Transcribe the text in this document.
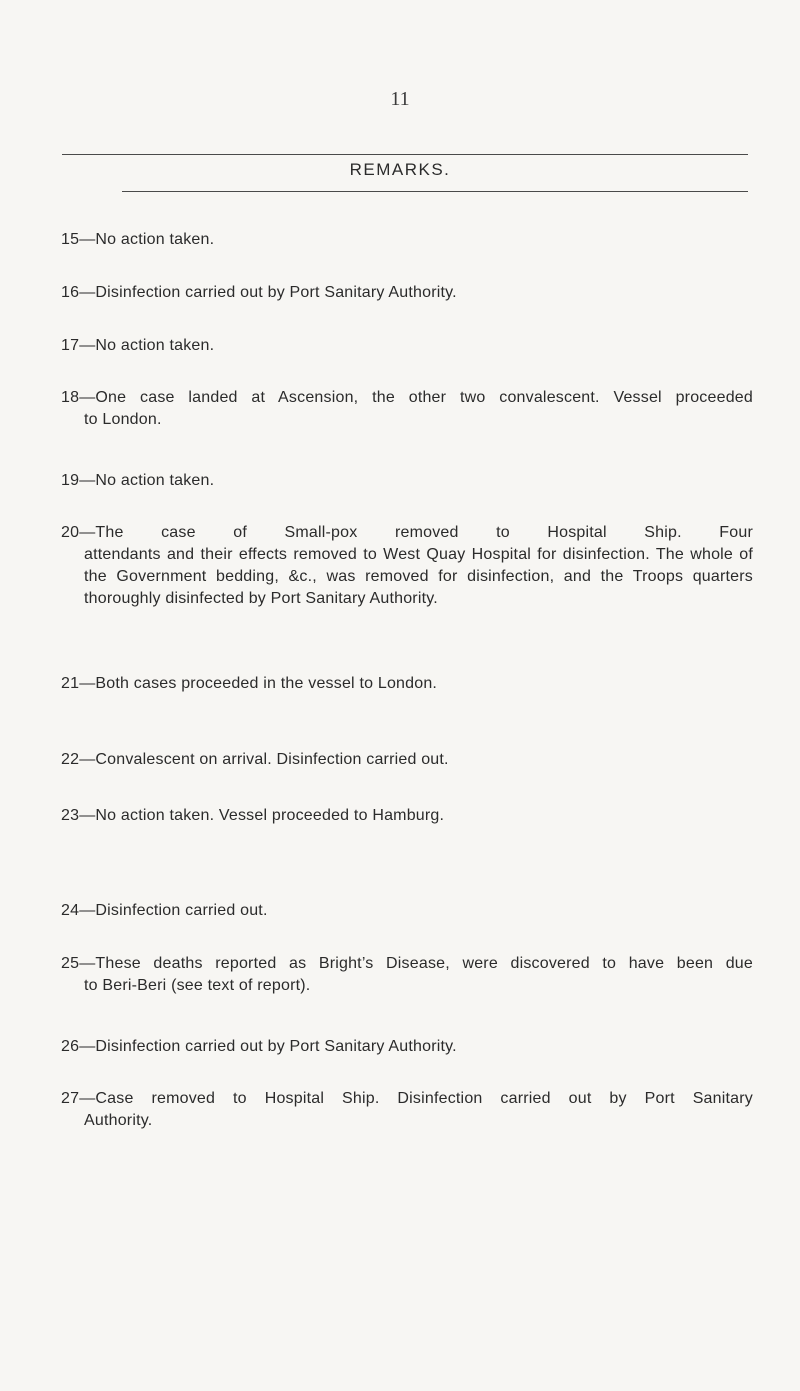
11
REMARKS.
15—No action taken.
16—Disinfection carried out by Port Sanitary Authority.
17—No action taken.
18—One case landed at Ascension, the other two convalescent. Vessel proceeded
to London.
19—No action taken.
20—The case of Small-pox removed to Hospital Ship. Four
attendants and their effects removed to West Quay Hospital for disinfection. The whole of the Government bedding, &c., was removed for disinfection, and the Troops quarters thoroughly disinfected by Port Sanitary Authority.
21—Both cases proceeded in the vessel to London.
22—Convalescent on arrival. Disinfection carried out.
23—No action taken. Vessel proceeded to Hamburg.
24—Disinfection carried out.
25—These deaths reported as Bright’s Disease, were discovered to have been due
to Beri-Beri (see text of report).
26—Disinfection carried out by Port Sanitary Authority.
27—Case removed to Hospital Ship. Disinfection carried out by Port Sanitary
Authority.
